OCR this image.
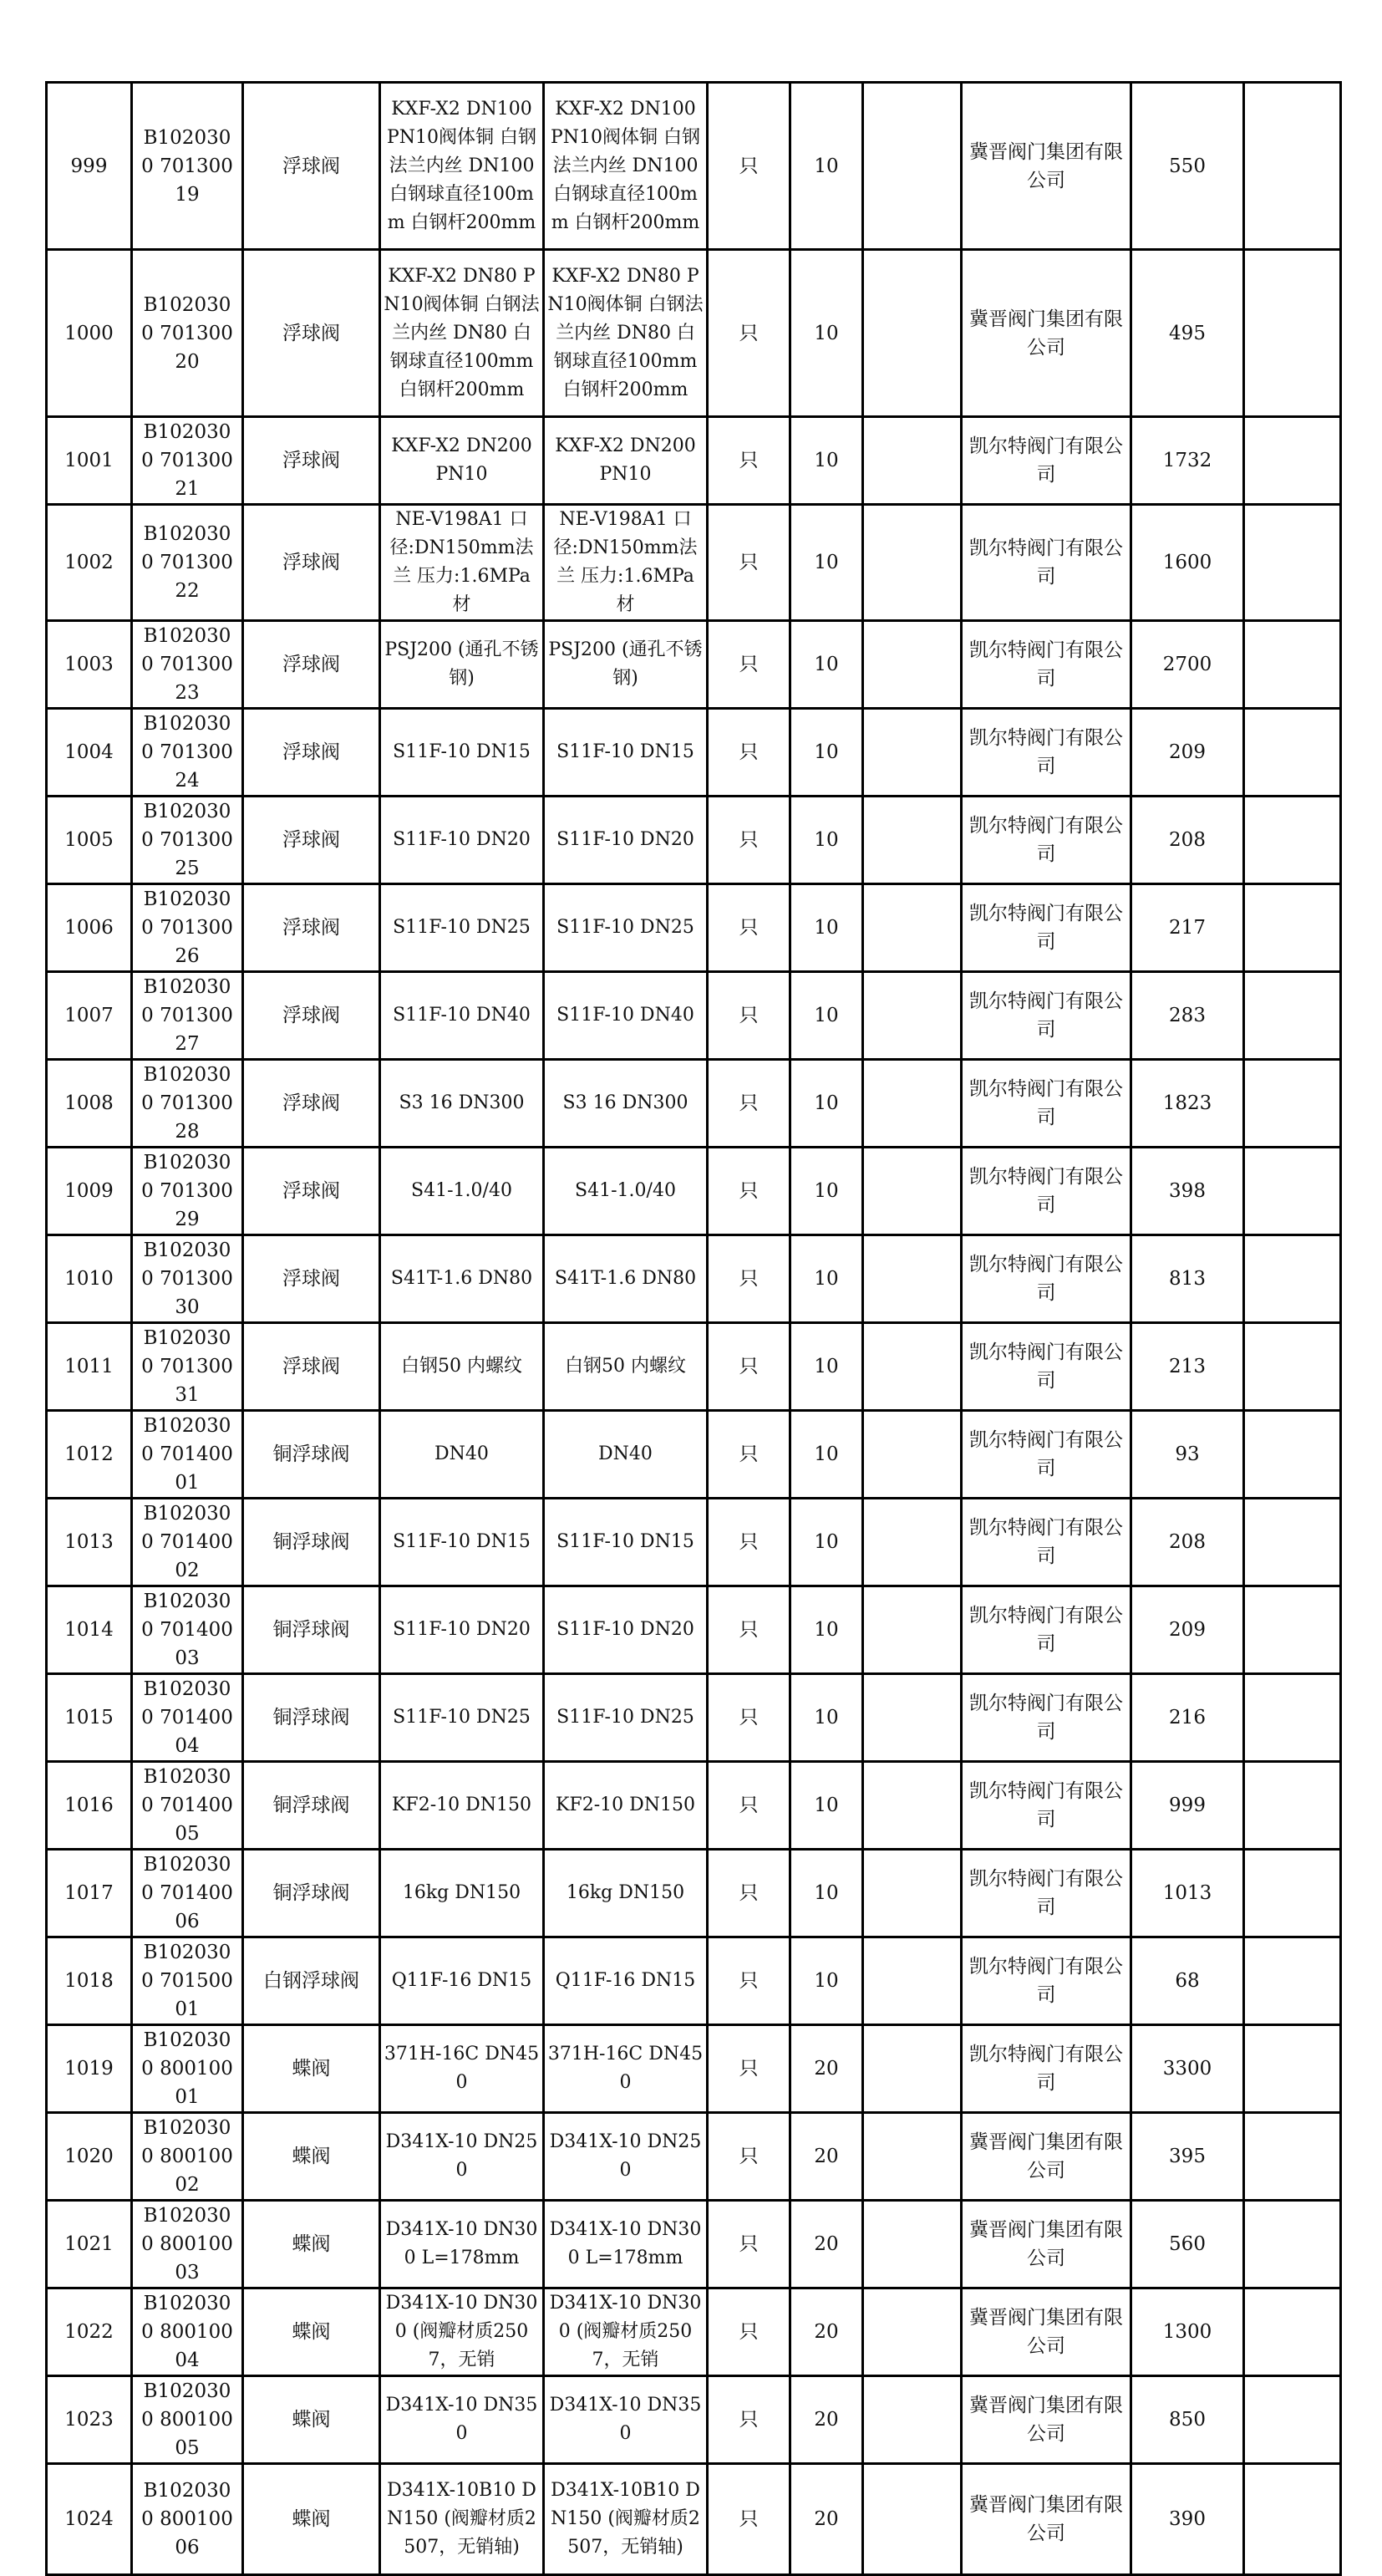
999	B1020300 70130019	浮球阀	KXF-X2 DN100 PN10阀体铜 白钢法兰内丝 DN100 白钢球直径100mm 白钢杆200mm	KXF-X2 DN100 PN10阀体铜 白钢法兰内丝 DN100 白钢球直径100mm 白钢杆200mm	只	10		冀晋阀门集团有限公司	550	

1000	B1020300 70130020	浮球阀	KXF-X2 DN80 PN10阀体铜 白钢法兰内丝 DN80 白钢球直径100mm 白钢杆200mm	KXF-X2 DN80 PN10阀体铜 白钢法兰内丝 DN80 白钢球直径100mm 白钢杆200mm	只	10		冀晋阀门集团有限公司	495	

1001	B1020300 70130021	浮球阀	KXF-X2 DN200 PN10	KXF-X2 DN200 PN10	只	10		凯尔特阀门有限公司	1732	

1002	B1020300 70130022	浮球阀	NE-V198A1 口径:DN150mm法兰 压力:1.6MPa 材	NE-V198A1 口径:DN150mm法兰 压力:1.6MPa 材	只	10		凯尔特阀门有限公司	1600	

1003	B1020300 70130023	浮球阀	PSJ200 (通孔不锈钢)	PSJ200 (通孔不锈钢)	只	10		凯尔特阀门有限公司	2700	

1004	B1020300 70130024	浮球阀	S11F-10 DN15	S11F-10 DN15	只	10		凯尔特阀门有限公司	209	

1005	B1020300 70130025	浮球阀	S11F-10 DN20	S11F-10 DN20	只	10		凯尔特阀门有限公司	208	

1006	B1020300 70130026	浮球阀	S11F-10 DN25	S11F-10 DN25	只	10		凯尔特阀门有限公司	217	

1007	B1020300 70130027	浮球阀	S11F-10 DN40	S11F-10 DN40	只	10		凯尔特阀门有限公司	283	

1008	B1020300 70130028	浮球阀	S3 16 DN300	S3 16 DN300	只	10		凯尔特阀门有限公司	1823	

1009	B1020300 70130029	浮球阀	S41-1.0/40	S41-1.0/40	只	10		凯尔特阀门有限公司	398	

1010	B1020300 70130030	浮球阀	S41T-1.6 DN80	S41T-1.6 DN80	只	10		凯尔特阀门有限公司	813	

1011	B1020300 70130031	浮球阀	白钢50 内螺纹	白钢50 内螺纹	只	10		凯尔特阀门有限公司	213	

1012	B1020300 70140001	铜浮球阀	DN40	DN40	只	10		凯尔特阀门有限公司	93	

1013	B1020300 70140002	铜浮球阀	S11F-10 DN15	S11F-10 DN15	只	10		凯尔特阀门有限公司	208	

1014	B1020300 70140003	铜浮球阀	S11F-10 DN20	S11F-10 DN20	只	10		凯尔特阀门有限公司	209	

1015	B1020300 70140004	铜浮球阀	S11F-10 DN25	S11F-10 DN25	只	10		凯尔特阀门有限公司	216	

1016	B1020300 70140005	铜浮球阀	KF2-10 DN150	KF2-10 DN150	只	10		凯尔特阀门有限公司	999	

1017	B1020300 70140006	铜浮球阀	16kg DN150	16kg DN150	只	10		凯尔特阀门有限公司	1013	

1018	B1020300 70150001	白钢浮球阀	Q11F-16 DN15	Q11F-16 DN15	只	10		凯尔特阀门有限公司	68	

1019	B1020300 80010001	蝶阀	371H-16C DN450	371H-16C DN450	只	20		凯尔特阀门有限公司	3300	

1020	B1020300 80010002	蝶阀	D341X-10 DN250	D341X-10 DN250	只	20		冀晋阀门集团有限公司	395	

1021	B1020300 80010003	蝶阀	D341X-10 DN300 L=178mm	D341X-10 DN300 L=178mm	只	20		冀晋阀门集团有限公司	560	

1022	B1020300 80010004	蝶阀	D341X-10 DN300 (阀瓣材质2507，无销	D341X-10 DN300 (阀瓣材质2507，无销	只	20		冀晋阀门集团有限公司	1300	

1023	B1020300 80010005	蝶阀	D341X-10 DN350	D341X-10 DN350	只	20		冀晋阀门集团有限公司	850	

1024	B1020300 80010006	蝶阀	D341X-10B10 DN150 (阀瓣材质2507，无销轴)	D341X-10B10 DN150 (阀瓣材质2507，无销轴)	只	20		冀晋阀门集团有限公司	390	
